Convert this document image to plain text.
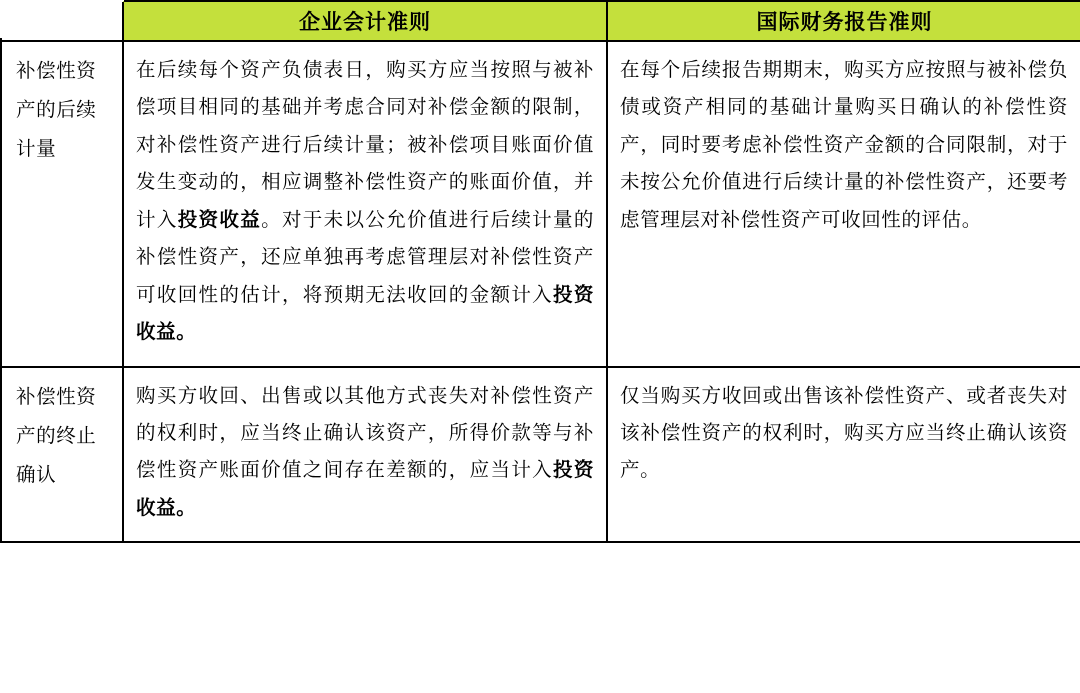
	企业会计准则	国际财务报告准则

补偿性资产的后续计量	在后续每个资产负债表日，购买方应当按照与被补偿项目相同的基础并考虑合同对补偿金额的限制，对补偿性资产进行后续计量；被补偿项目账面价值发生变动的，相应调整补偿性资产的账面价值，并计入投资收益。对于未以公允价值进行后续计量的补偿性资产，还应单独再考虑管理层对补偿性资产可收回性的估计，将预期无法收回的金额计入投资收益。	在每个后续报告期期末，购买方应按照与被补偿负债或资产相同的基础计量购买日确认的补偿性资产，同时要考虑补偿性资产金额的合同限制，对于未按公允价值进行后续计量的补偿性资产，还要考虑管理层对补偿性资产可收回性的评估。

补偿性资产的终止确认	购买方收回、出售或以其他方式丧失对补偿性资产的权利时，应当终止确认该资产，所得价款等与补偿性资产账面价值之间存在差额的，应当计入投资收益。	仅当购买方收回或出售该补偿性资产、或者丧失对该补偿性资产的权利时，购买方应当终止确认该资产。
